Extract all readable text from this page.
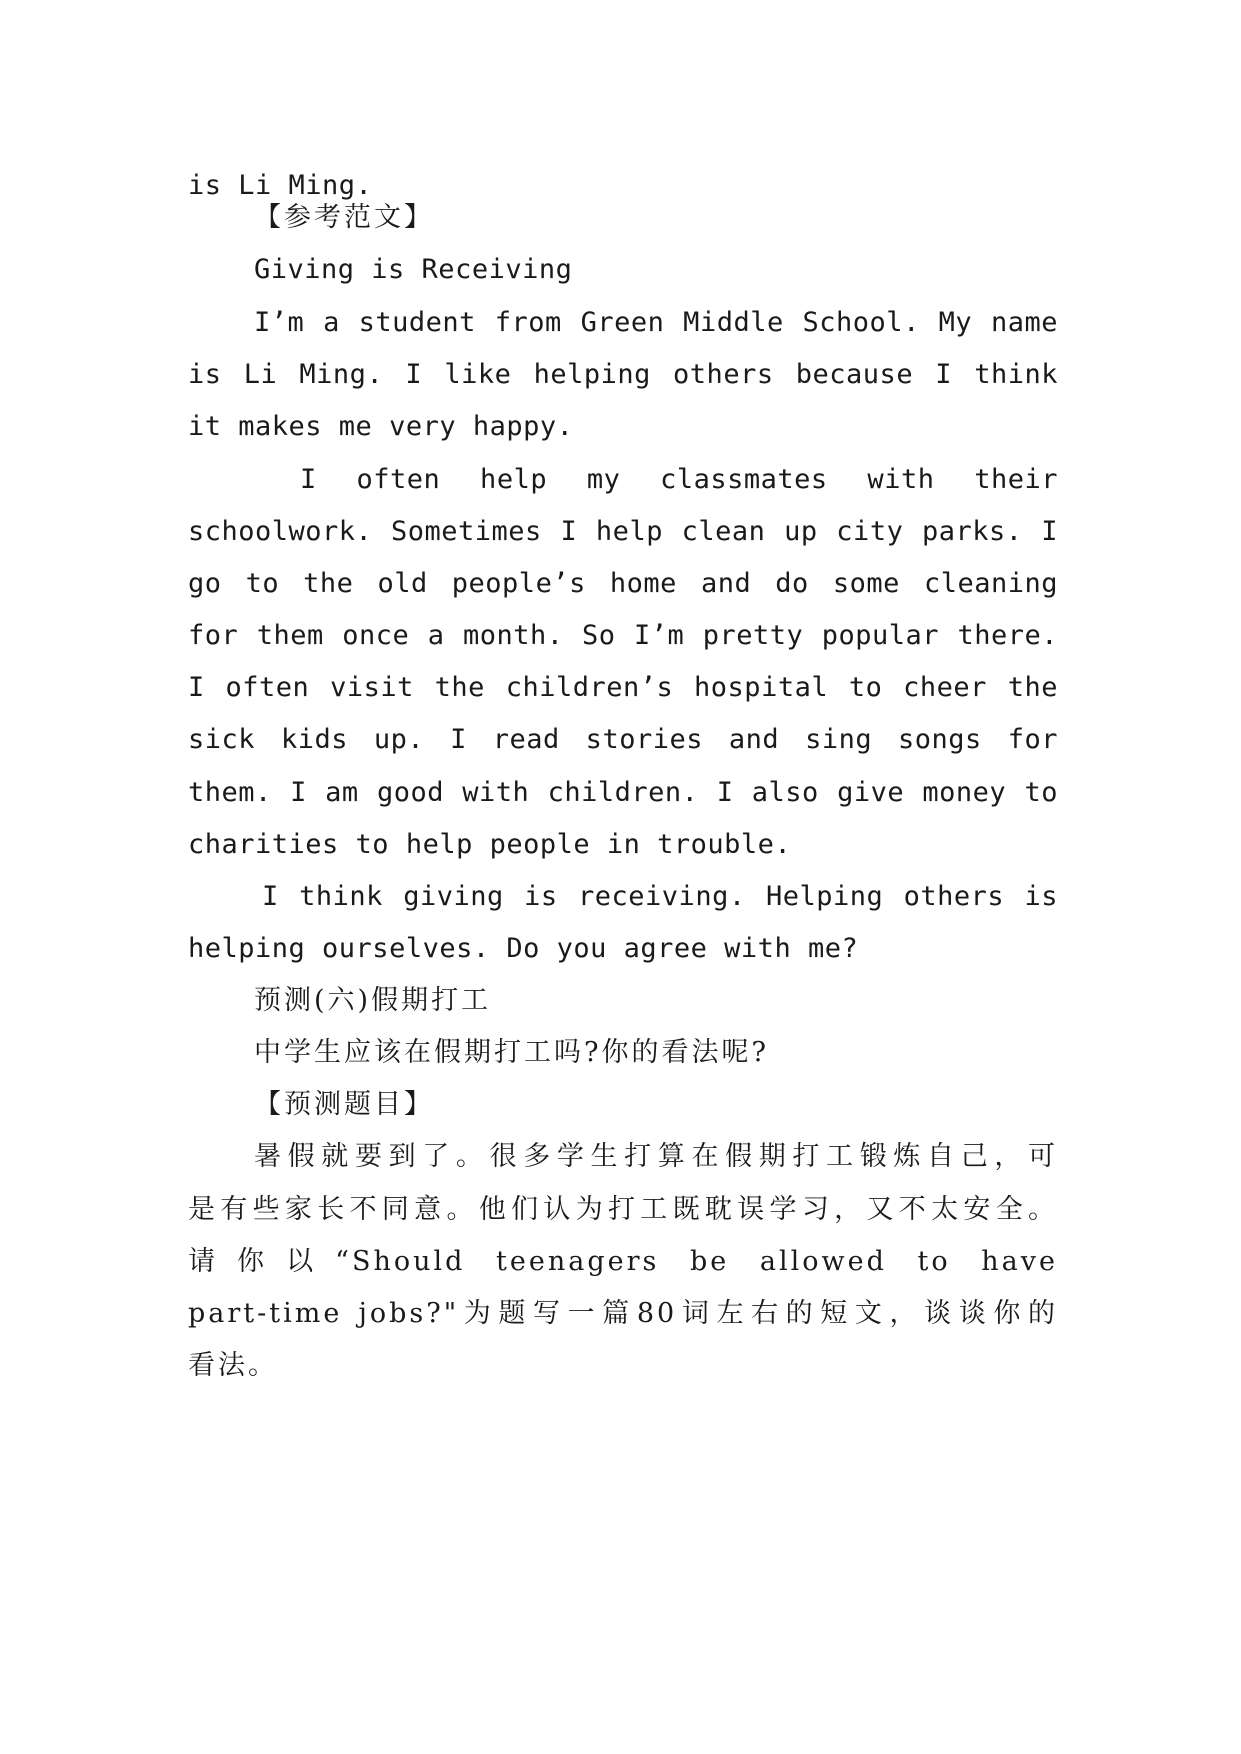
is Li Ming.
【参考范文】
Giving is Receiving
I’m a student from Green Middle School. My name
is Li Ming. I like helping others because I think
it makes me very happy.
I often help my classmates with their
schoolwork. Sometimes I help clean up city parks. I
go to the old people’s home and do some cleaning
for them once a month. So I’m pretty popular there.
I often visit the children’s hospital to cheer the
sick kids up. I read stories and sing songs for
them. I am good with children. I also give money to
charities to help people in trouble.
I think giving is receiving. Helping others is
helping ourselves. Do you agree with me?
预测(六)假期打工
中学生应该在假期打工吗?你的看法呢?
【预测题目】
暑假就要到了。很多学生打算在假期打工锻炼自己，可
是有些家长不同意。他们认为打工既耽误学习，又不太安全。
请你以“Should teenagers be allowed to have
part-time jobs?"为题写一篇80词左右的短文，谈谈你的
看法。
